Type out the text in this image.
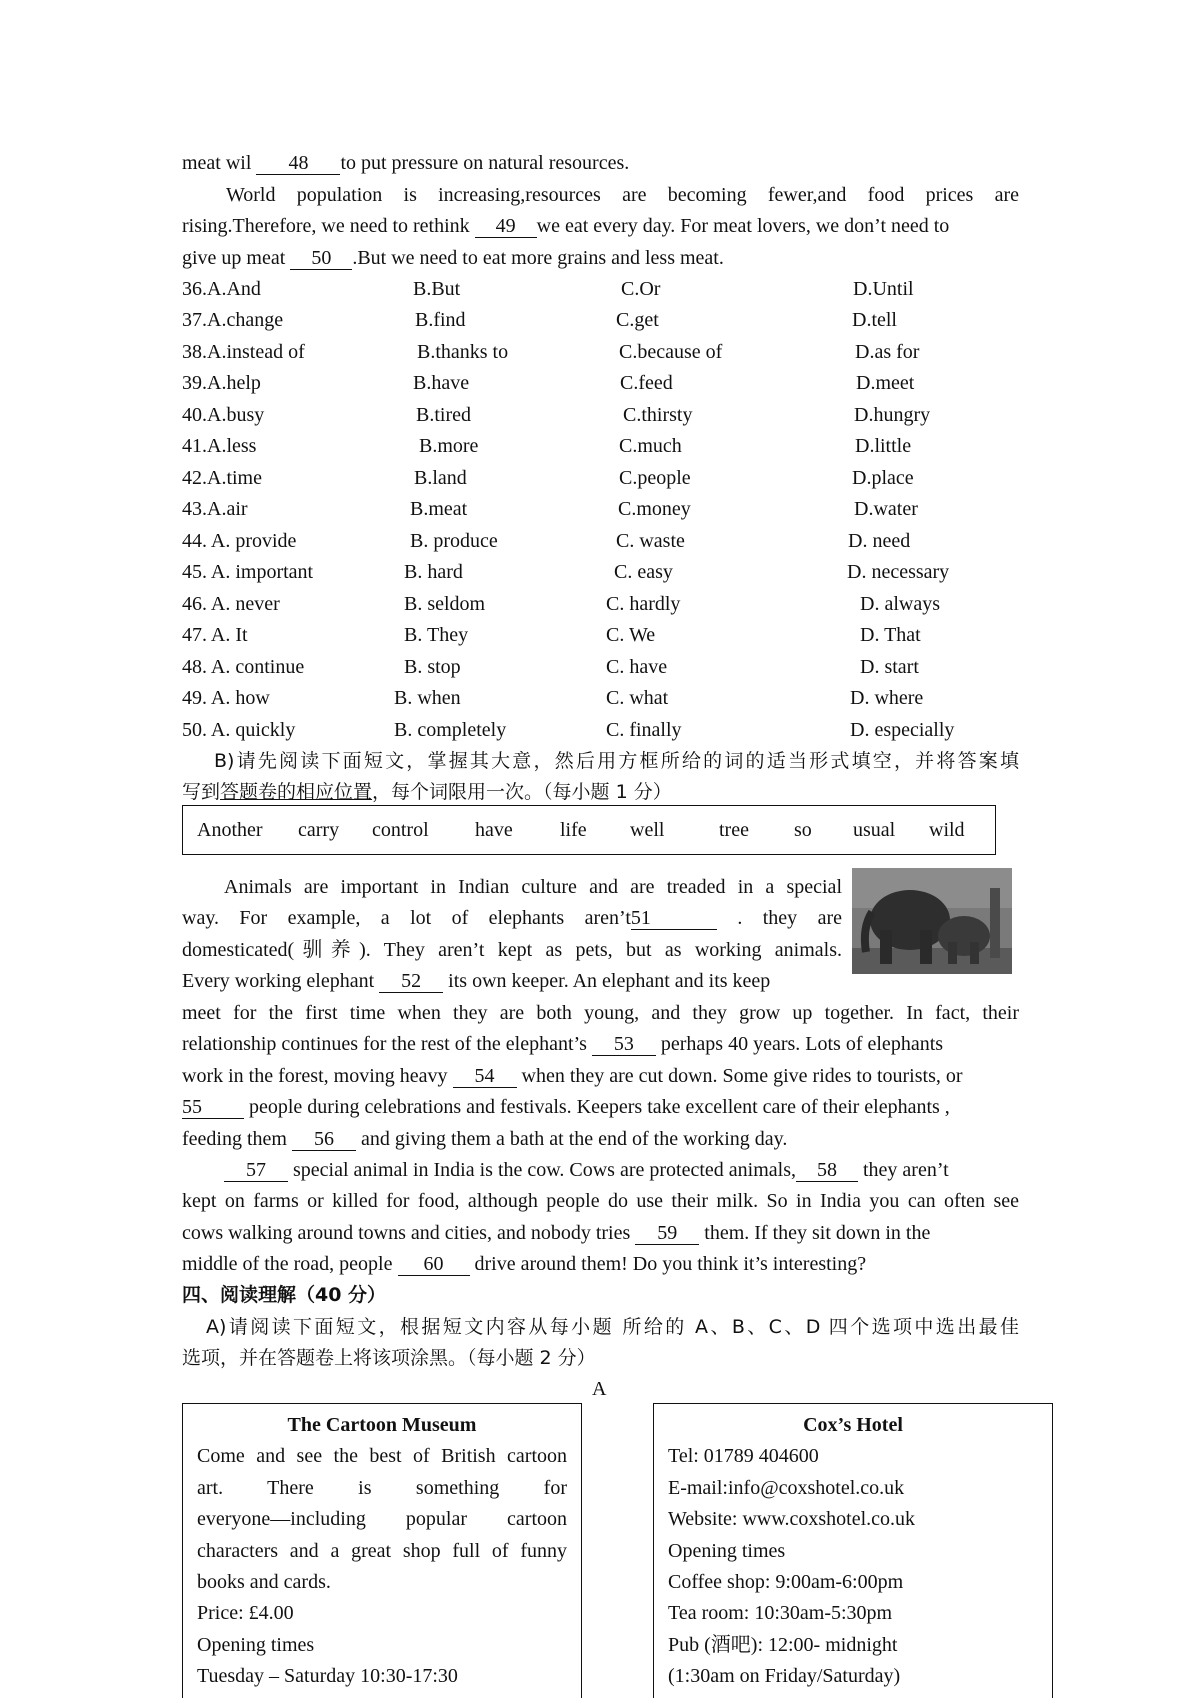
meat wil 48 to put pressure on natural resources.
World population is increasing,resources are becoming fewer,and food prices are
rising.Therefore, we need to rethink 49 we eat every day. For meat lovers, we don’t need to
give up meat 50 .But we need to eat more grains and less meat.
36.A.And	B.But	C.Or	D.Until
37.A.change	B.find	C.get	D.tell
38.A.instead of	B.thanks to	C.because of	D.as for
39.A.help	B.have	C.feed	D.meet
40.A.busy	B.tired	C.thirsty	D.hungry
41.A.less	B.more	C.much	D.little
42.A.time	B.land	C.people	D.place
43.A.air	B.meat	C.money	D.water
44. A. provide	B. produce	C. waste	D. need
45. A. important	B. hard	C. easy	D. necessary
46. A. never	B. seldom	C. hardly	D. always
47. A. It	B. They	C. We	D. That
48. A. continue	B. stop	C. have	D. start
49. A. how	B. when	C. what	D. where
50. A. quickly	B. completely	C. finally	D. especially
B)请先阅读下面短文，掌握其大意，然后用方框所给的词的适当形式填空，并将答案填
写到答题卷的相应位置，每个词限用一次。（每小题 1 分）
Another carry control have life well	tree so usual wild
Animals are important in Indian culture and are treaded in a special
way. For example, a lot of elephants aren’t51	. they are
domesticated(驯养). They aren’t kept as pets, but as working animals.
Every working elephant 52 its own keeper. An elephant and its keep
meet for the first time when they are both young, and they grow up together. In fact, their
relationship continues for the rest of the elephant’s 53 perhaps 40 years. Lots of elephants
work in the forest, moving heavy 54 when they are cut down. Some give rides to tourists, or
55 people during celebrations and festivals. Keepers take excellent care of their elephants ,
feeding them 56 and giving them a bath at the end of the working day.
57 special animal in India is the cow. Cows are protected animals, 58 they aren’t
kept on farms or killed for food, although people do use their milk. So in India you can often see
cows walking around towns and cities, and nobody tries 59 them. If they sit down in the
middle of the road, people 60 drive around them! Do you think it’s interesting?
四、阅读理解（40 分）
A)请阅读下面短文，根据短文内容从每小题 所给的 A、B、C、D 四个选项中选出最佳
选项，并在答题卷上将该项涂黑。（每小题 2 分）
A
The Cartoon Museum
Come and see the best of British cartoon
art. There is something for
everyone—including popular cartoon
characters and a great shop full of funny
books and cards.
Price: £4.00
Opening times
Tuesday – Saturday 10:30-17:30
Cox’s Hotel
Tel: 01789 404600
E-mail:info@coxshotel.co.uk
Website: www.coxshotel.co.uk
Opening times
Coffee shop: 9:00am-6:00pm
Tea room: 10:30am-5:30pm
Pub (酒吧): 12:00- midnight
(1:30am on Friday/Saturday)
